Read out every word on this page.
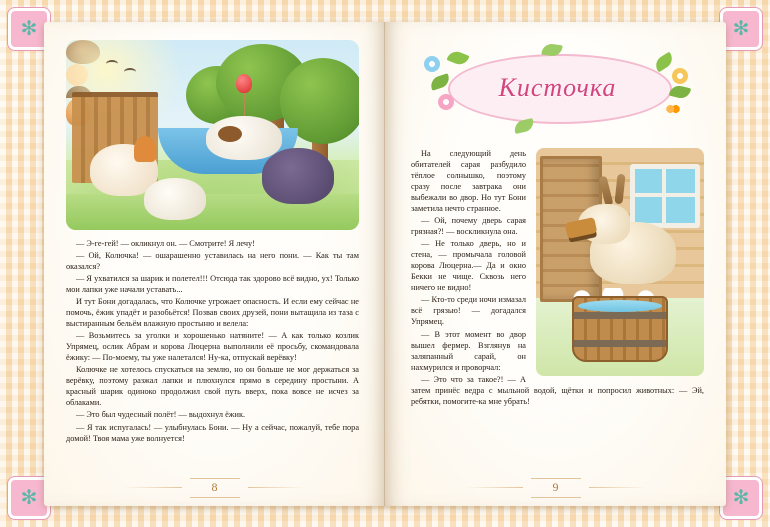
✻	✻
✻	✻

— Э-ге-гей! — окликнул он. — Смотрите! Я лечу!

— Ой, Колючка! — ошарашенно уставилась на него пони. — Как ты там оказался?

— Я ухватился за шарик и полетел!!! Отсюда так здорово всё видно, ух! Только мои лапки уже начали уставать...

И тут Бони догадалась, что Колючке угрожает опасность. И если ему сейчас не помочь, ёжик упадёт и разобьётся! Позвав своих друзей, пони вытащила из таза с выстиранным бельём влажную простыню и велела:

— Возьмитесь за уголки и хорошенько натяните! — А как только козлик Упрямец, ослик Абрам и корова Люцерна выполнили её просьбу, скомандовала ёжику: — По-моему, ты уже налетался! Ну-ка, отпускай верёвку!

Колючке не хотелось спускаться на землю, но он больше не мог держаться за верёвку, поэтому разжал лапки и плюхнулся прямо в середину простыни. А красный шарик одиноко продолжил свой путь вверх, пока вовсе не исчез за облаками.

— Это был чудесный полёт! — выдохнул ёжик.

— Я так испугалась! — улыбнулась Бони. — Ну а сейчас, пожалуй, тебе пора домой! Твоя мама уже волнуется!

8
Кисточка

На следующий день обитателей сарая разбудило тёплое солнышко, поэтому сразу после завтрака они выбежали во двор. Но тут Бони заметила нечто странное.

— Ой, почему дверь сарая грязная?! — воскликнула она.

— Не только дверь, но и стена, — промычала головой корова Люцерна.— Да и окно Бекки не чище. Сквозь него ничего не видно!

— Кто-то среди ночи измазал всё грязью! — догадался Упрямец.

— В этот момент во двор вышел фермер. Взглянув на заляпанный сарай, он нахмурился и проворчал:

— Это что за такое?! — А затем принёс ведра с мыльной водой, щётки и попросил животных: — Эй, ребятки, помогите-ка мне убрать!

9
